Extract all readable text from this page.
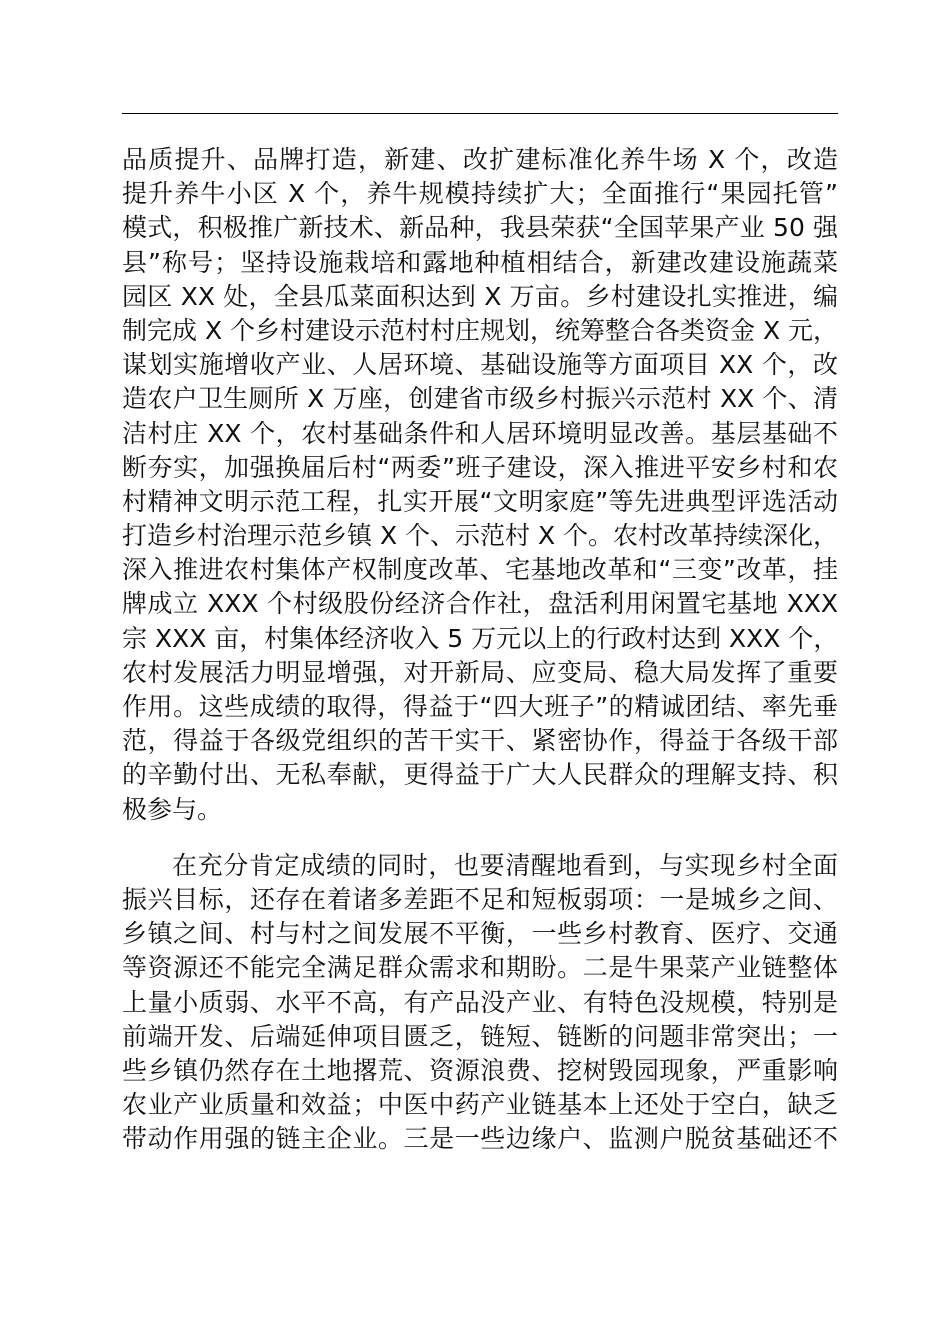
品质提升、品牌打造，新建、改扩建标准化养牛场 X 个，改造
提升养牛小区 X 个，养牛规模持续扩大；全面推行“果园托管”
模式，积极推广新技术、新品种，我县荣获“全国苹果产业 50 强
县”称号；坚持设施栽培和露地种植相结合，新建改建设施蔬菜
园区 XX 处，全县瓜菜面积达到 X 万亩。乡村建设扎实推进，编
制完成 X 个乡村建设示范村村庄规划，统筹整合各类资金 X 元，
谋划实施增收产业、人居环境、基础设施等方面项目 XX 个，改
造农户卫生厕所 X 万座，创建省市级乡村振兴示范村 XX 个、清
洁村庄 XX 个，农村基础条件和人居环境明显改善。基层基础不
断夯实，加强换届后村“两委”班子建设，深入推进平安乡村和农
村精神文明示范工程，扎实开展“文明家庭”等先进典型评选活动
打造乡村治理示范乡镇 X 个、示范村 X 个。农村改革持续深化，
深入推进农村集体产权制度改革、宅基地改革和“三变”改革，挂
牌成立 XXX 个村级股份经济合作社，盘活利用闲置宅基地 XXX
宗 XXX 亩，村集体经济收入 5 万元以上的行政村达到 XXX 个，
农村发展活力明显增强，对开新局、应变局、稳大局发挥了重要
作用。这些成绩的取得，得益于“四大班子”的精诚团结、率先垂
范，得益于各级党组织的苦干实干、紧密协作，得益于各级干部
的辛勤付出、无私奉献，更得益于广大人民群众的理解支持、积
极参与。
在充分肯定成绩的同时，也要清醒地看到，与实现乡村全面
振兴目标，还存在着诸多差距不足和短板弱项：一是城乡之间、
乡镇之间、村与村之间发展不平衡，一些乡村教育、医疗、交通
等资源还不能完全满足群众需求和期盼。二是牛果菜产业链整体
上量小质弱、水平不高，有产品没产业、有特色没规模，特别是
前端开发、后端延伸项目匮乏，链短、链断的问题非常突出；一
些乡镇仍然存在土地撂荒、资源浪费、挖树毁园现象，严重影响
农业产业质量和效益；中医中药产业链基本上还处于空白，缺乏
带动作用强的链主企业。三是一些边缘户、监测户脱贫基础还不
